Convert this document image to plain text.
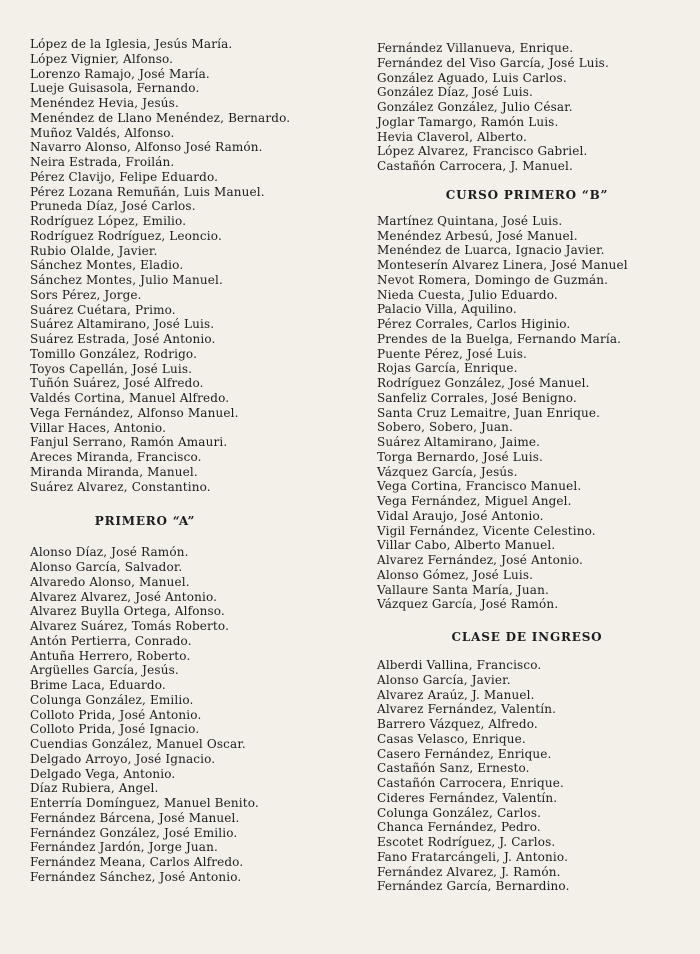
López de la Iglesia, Jesús María.
López Vignier, Alfonso.
Lorenzo Ramajo, José María.
Lueje Guisasola, Fernando.
Menéndez Hevia, Jesús.
Menéndez de Llano Menéndez, Bernardo.
Muñoz Valdés, Alfonso.
Navarro Alonso, Alfonso José Ramón.
Neira Estrada, Froilán.
Pérez Clavijo, Felipe Eduardo.
Pérez Lozana Remuñán, Luis Manuel.
Pruneda Díaz, José Carlos.
Rodríguez López, Emilio.
Rodríguez Rodríguez, Leoncio.
Rubio Olalde, Javier.
Sánchez Montes, Eladio.
Sánchez Montes, Julio Manuel.
Sors Pérez, Jorge.
Suárez Cuétara, Primo.
Suárez Altamirano, José Luis.
Suárez Estrada, José Antonio.
Tomillo González, Rodrigo.
Toyos Capellán, José Luis.
Tuñón Suárez, José Alfredo.
Valdés Cortina, Manuel Alfredo.
Vega Fernández, Alfonso Manuel.
Villar Haces, Antonio.
Fanjul Serrano, Ramón Amauri.
Areces Miranda, Francisco.
Miranda Miranda, Manuel.
Suárez Alvarez, Constantino.
PRIMERO “A”
Alonso Díaz, José Ramón.
Alonso García, Salvador.
Alvaredo Alonso, Manuel.
Alvarez Alvarez, José Antonio.
Alvarez Buylla Ortega, Alfonso.
Alvarez Suárez, Tomás Roberto.
Antón Pertierra, Conrado.
Antuña Herrero, Roberto.
Argüelles García, Jesús.
Brime Laca, Eduardo.
Colunga González, Emilio.
Colloto Prida, José Antonio.
Colloto Prida, José Ignacio.
Cuendias González, Manuel Oscar.
Delgado Arroyo, José Ignacio.
Delgado Vega, Antonio.
Díaz Rubiera, Angel.
Enterría Domínguez, Manuel Benito.
Fernández Bárcena, José Manuel.
Fernández González, José Emilio.
Fernández Jardón, Jorge Juan.
Fernández Meana, Carlos Alfredo.
Fernández Sánchez, José Antonio.
Fernández Villanueva, Enrique.
Fernández del Viso García, José Luis.
González Aguado, Luis Carlos.
González Díaz, José Luis.
González González, Julio César.
Joglar Tamargo, Ramón Luis.
Hevia Claverol, Alberto.
López Alvarez, Francisco Gabriel.
Castañón Carrocera, J. Manuel.
CURSO PRIMERO “B”
Martínez Quintana, José Luis.
Menéndez Arbesú, José Manuel.
Menéndez de Luarca, Ignacio Javier.
Monteserín Alvarez Linera, José Manuel
Nevot Romera, Domingo de Guzmán.
Nieda Cuesta, Julio Eduardo.
Palacio Villa, Aquilino.
Pérez Corrales, Carlos Higinio.
Prendes de la Buelga, Fernando María.
Puente Pérez, José Luis.
Rojas García, Enrique.
Rodríguez González, José Manuel.
Sanfeliz Corrales, José Benigno.
Santa Cruz Lemaitre, Juan Enrique.
Sobero, Sobero, Juan.
Suárez Altamirano, Jaime.
Torga Bernardo, José Luis.
Vázquez García, Jesús.
Vega Cortina, Francisco Manuel.
Vega Fernández, Miguel Angel.
Vidal Araujo, José Antonio.
Vigil Fernández, Vicente Celestino.
Villar Cabo, Alberto Manuel.
Alvarez Fernández, José Antonio.
Alonso Gómez, José Luis.
Vallaure Santa María, Juan.
Vázquez García, José Ramón.
CLASE DE INGRESO
Alberdi Vallina, Francisco.
Alonso García, Javier.
Alvarez Araúz, J. Manuel.
Alvarez Fernández, Valentín.
Barrero Vázquez, Alfredo.
Casas Velasco, Enrique.
Casero Fernández, Enrique.
Castañón Sanz, Ernesto.
Castañón Carrocera, Enrique.
Cideres Fernández, Valentín.
Colunga González, Carlos.
Chanca Fernández, Pedro.
Escotet Rodríguez, J. Carlos.
Fano Fratarcángeli, J. Antonio.
Fernández Alvarez, J. Ramón.
Fernández García, Bernardino.
